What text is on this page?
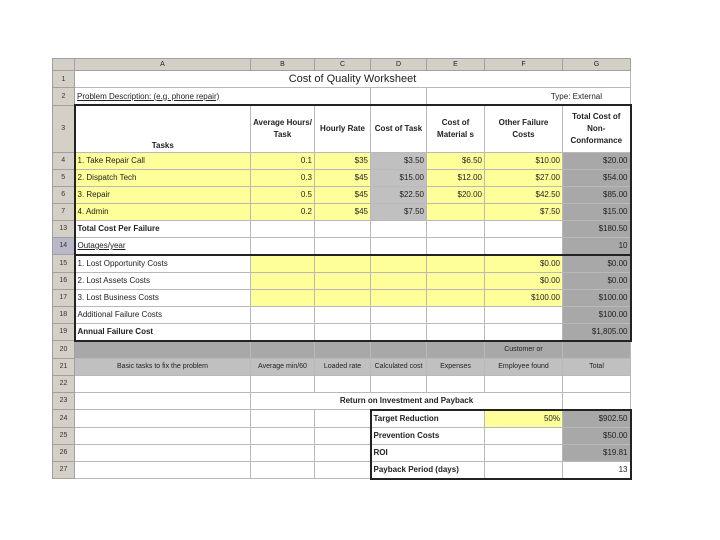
	A	B	C	D	E	F	G
1	Cost of Quality Worksheet						
2	Problem Description: (e.g. phone repair)				Type: External		
3	Tasks	Average Hours/ Task	Hourly Rate	Cost of Task	Cost of Material s	Other Failure Costs	Total Cost of Non-Conformance
4	1. Take Repair Call	0.1	$35	$3.50	$6.50	$10.00	$20.00
5	2. Dispatch Tech	0.3	$45	$15.00	$12.00	$27.00	$54.00
6	3. Repair	0.5	$45	$22.50	$20.00	$42.50	$85.00
7	4. Admin	0.2	$45	$7.50		$7.50	$15.00
13	Total Cost Per Failure						$180.50
14	Outages/year						10
15	1. Lost Opportunity Costs					$0.00	$0.00
16	2. Lost Assets Costs					$0.00	$0.00
17	3. Lost Business Costs					$100.00	$100.00
18	Additional Failure Costs						$100.00
19	Annual Failure Cost						$1,805.00
20						Customer or	
21	Basic tasks to fix the problem	Average min/60	Loaded rate	Calculated cost	Expenses	Employee found	Total
22							
23		Return on Investment and Payback					
24				Target Reduction		50%	$902.50
25				Prevention Costs			$50.00
26				ROI			$19.81
27				Payback Period (days)			13
